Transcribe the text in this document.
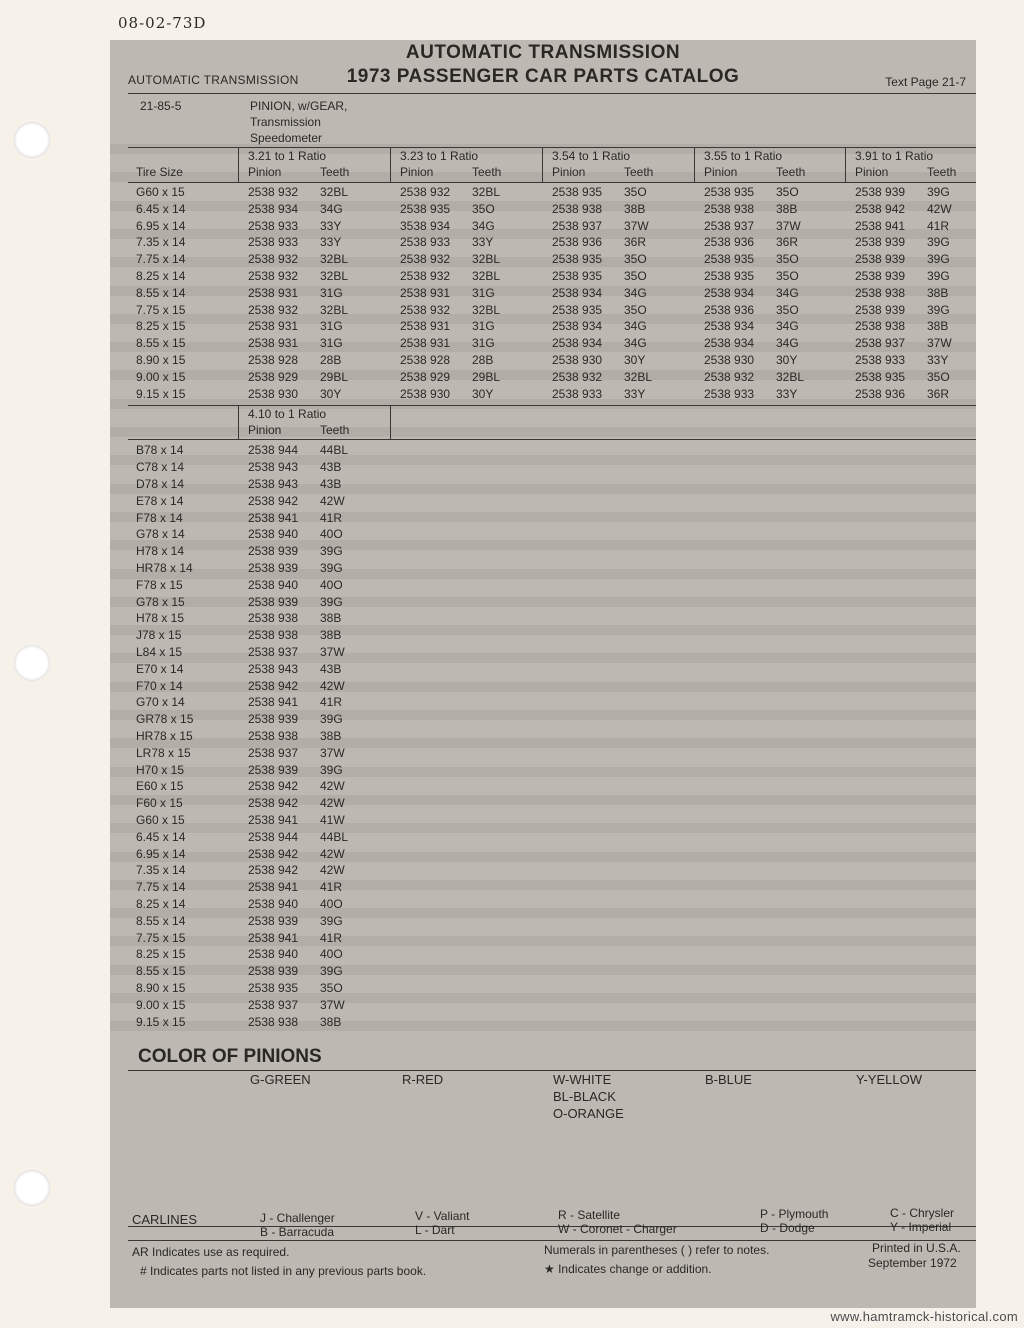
08-02-73D
AUTOMATIC TRANSMISSION
1973 PASSENGER CAR PARTS CATALOG
AUTOMATIC TRANSMISSION	Text Page 21-7
21-85-5	PINION, w/GEAR,
Transmission
Speedometer
3.21 to 1 Ratio
Pinion	Teeth
3.23 to 1 Ratio
Pinion	Teeth
3.54 to 1 Ratio
Pinion	Teeth
3.55 to 1 Ratio
Pinion	Teeth
3.91 to 1 Ratio
Pinion	Teeth
Tire Size
G60 x 15	2538 932 32BL	2538 932 32BL	2538 935 35O	2538 935 35O	2538 939 39G
6.45 x 14	2538 934 34G	2538 935 35O	2538 938 38B	2538 938 38B	2538 942 42W
6.95 x 14	2538 933 33Y	3538 934 34G	2538 937 37W	2538 937 37W	2538 941 41R
7.35 x 14	2538 933 33Y	2538 933 33Y	2538 936 36R	2538 936 36R	2538 939 39G
7.75 x 14	2538 932 32BL	2538 932 32BL	2538 935 35O	2538 935 35O	2538 939 39G
8.25 x 14	2538 932 32BL	2538 932 32BL	2538 935 35O	2538 935 35O	2538 939 39G
8.55 x 14	2538 931 31G	2538 931 31G	2538 934 34G	2538 934 34G	2538 938 38B
7.75 x 15	2538 932 32BL	2538 932 32BL	2538 935 35O	2538 936 35O	2538 939 39G
8.25 x 15	2538 931 31G	2538 931 31G	2538 934 34G	2538 934 34G	2538 938 38B
8.55 x 15	2538 931 31G	2538 931 31G	2538 934 34G	2538 934 34G	2538 937 37W
8.90 x 15	2538 928 28B	2538 928 28B	2538 930 30Y	2538 930 30Y	2538 933 33Y
9.00 x 15	2538 929 29BL	2538 929 29BL	2538 932 32BL	2538 932 32BL	2538 935 35O
9.15 x 15	2538 930 30Y	2538 930 30Y	2538 933 33Y	2538 933 33Y	2538 936 36R
4.10 to 1 Ratio
Pinion	Teeth
B78 x 14	2538 944 44BL
C78 x 14	2538 943 43B
D78 x 14	2538 943 43B
E78 x 14	2538 942 42W
F78 x 14	2538 941 41R
G78 x 14	2538 940 40O
H78 x 14	2538 939 39G
HR78 x 14	2538 939 39G
F78 x 15	2538 940 40O
G78 x 15	2538 939 39G
H78 x 15	2538 938 38B
J78 x 15	2538 938 38B
L84 x 15	2538 937 37W
E70 x 14	2538 943 43B
F70 x 14	2538 942 42W
G70 x 14	2538 941 41R
GR78 x 15	2538 939 39G
HR78 x 15	2538 938 38B
LR78 x 15	2538 937 37W
H70 x 15	2538 939 39G
E60 x 15	2538 942 42W
F60 x 15	2538 942 42W
G60 x 15	2538 941 41W
6.45 x 14	2538 944 44BL
6.95 x 14	2538 942 42W
7.35 x 14	2538 942 42W
7.75 x 14	2538 941 41R
8.25 x 14	2538 940 40O
8.55 x 14	2538 939 39G
7.75 x 15	2538 941 41R
8.25 x 15	2538 940 40O
8.55 x 15	2538 939 39G
8.90 x 15	2538 935 35O
9.00 x 15	2538 937 37W
9.15 x 15	2538 938 38B
COLOR OF PINIONS
G-GREEN	R-RED	W-WHITE
BL-BLACK
O-ORANGE
B-BLUE	Y-YELLOW
CARLINES	J - Challenger
B - Barracuda
V - Valiant
L - Dart
R - Satellite
W - Coronet - Charger
P - Plymouth
D - Dodge
C - Chrysler
Y - Imperial
AR Indicates use as required.
# Indicates parts not listed in any previous parts book.
Numerals in parentheses ( ) refer to notes.
★ Indicates change or addition.
Printed in U.S.A.
September 1972
www.hamtramck-historical.com
